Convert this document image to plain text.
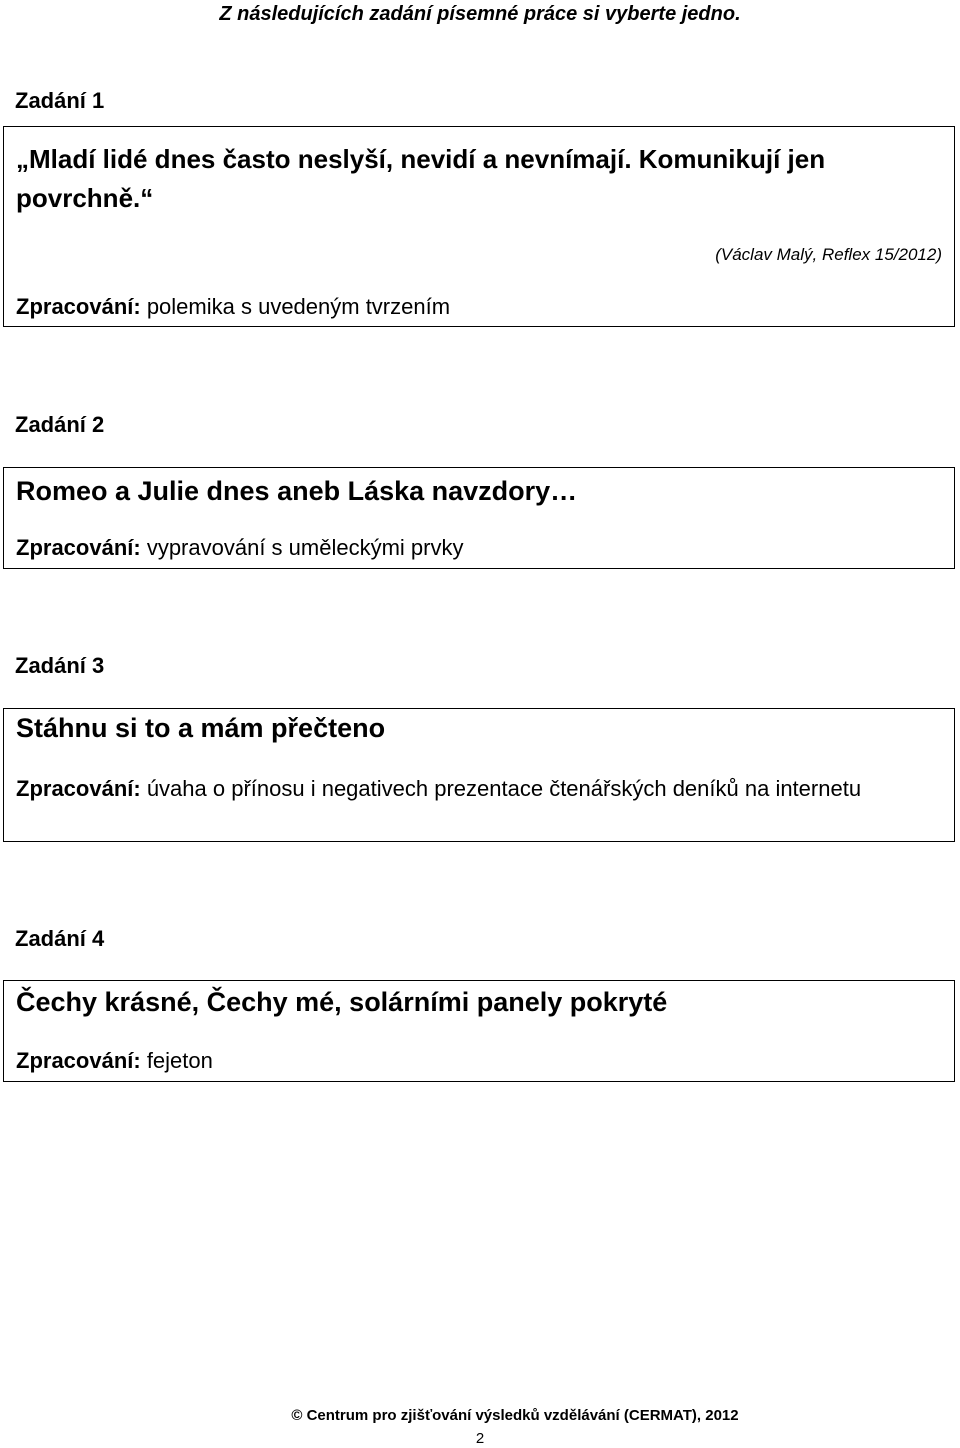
Z následujících zadání písemné práce si vyberte jedno.
Zadání 1
„Mladí lidé dnes často neslyší, nevidí a nevnímají. Komunikují jen povrchně.“
(Václav Malý, Reflex 15/2012)
Zpracování: polemika s uvedeným tvrzením
Zadání 2
Romeo a Julie dnes aneb Láska navzdory…
Zpracování: vypravování s uměleckými prvky
Zadání 3
Stáhnu si to a mám přečteno
Zpracování: úvaha o přínosu i negativech prezentace čtenářských deníků na internetu
Zadání 4
Čechy krásné, Čechy mé, solárními panely pokryté
Zpracování: fejeton
© Centrum pro zjišťování výsledků vzdělávání (CERMAT), 2012
2
